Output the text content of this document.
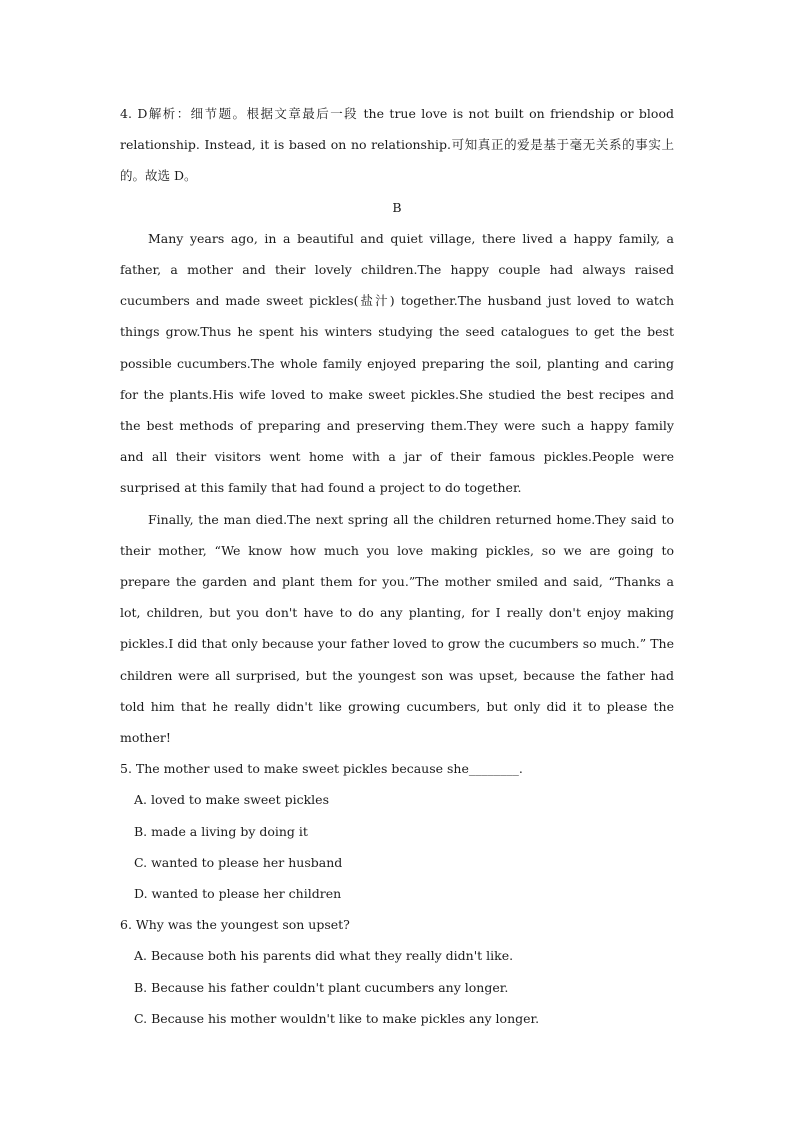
4. D解析：细节题。根据文章最后一段 the true love is not built on friendship or blood relationship. Instead, it is based on no relationship.可知真正的爱是基于毫无关系的事实上的。故选 D。

B

Many years ago, in a beautiful and quiet village, there lived a happy family, a father, a mother and their lovely children.The happy couple had always raised cucumbers and made sweet pickles(盐汁) together.The husband just loved to watch things grow.Thus he spent his winters studying the seed catalogues to get the best possible cucumbers.The whole family enjoyed preparing the soil, planting and caring for the plants.His wife loved to make sweet pickles.She studied the best recipes and the best methods of preparing and preserving them.They were such a happy family and all their visitors went home with a jar of their famous pickles.People were surprised at this family that had found a project to do together.

Finally, the man died.The next spring all the children returned home.They said to their mother, “We know how much you love making pickles, so we are going to prepare the garden and plant them for you.”The mother smiled and said, “Thanks a lot, children, but you don't have to do any planting, for I really don't enjoy making pickles.I did that only because your father loved to grow the cucumbers so much.” The children were all surprised, but the youngest son was upset, because the father had told him that he really didn't like growing cucumbers, but only did it to please the mother!

5. The mother used to make sweet pickles because she________.

A. loved to make sweet pickles

B. made a living by doing it

C. wanted to please her husband

D. wanted to please her children

6. Why was the youngest son upset?

A. Because both his parents did what they really didn't like.

B. Because his father couldn't plant cucumbers any longer.

C. Because his mother wouldn't like to make pickles any longer.
